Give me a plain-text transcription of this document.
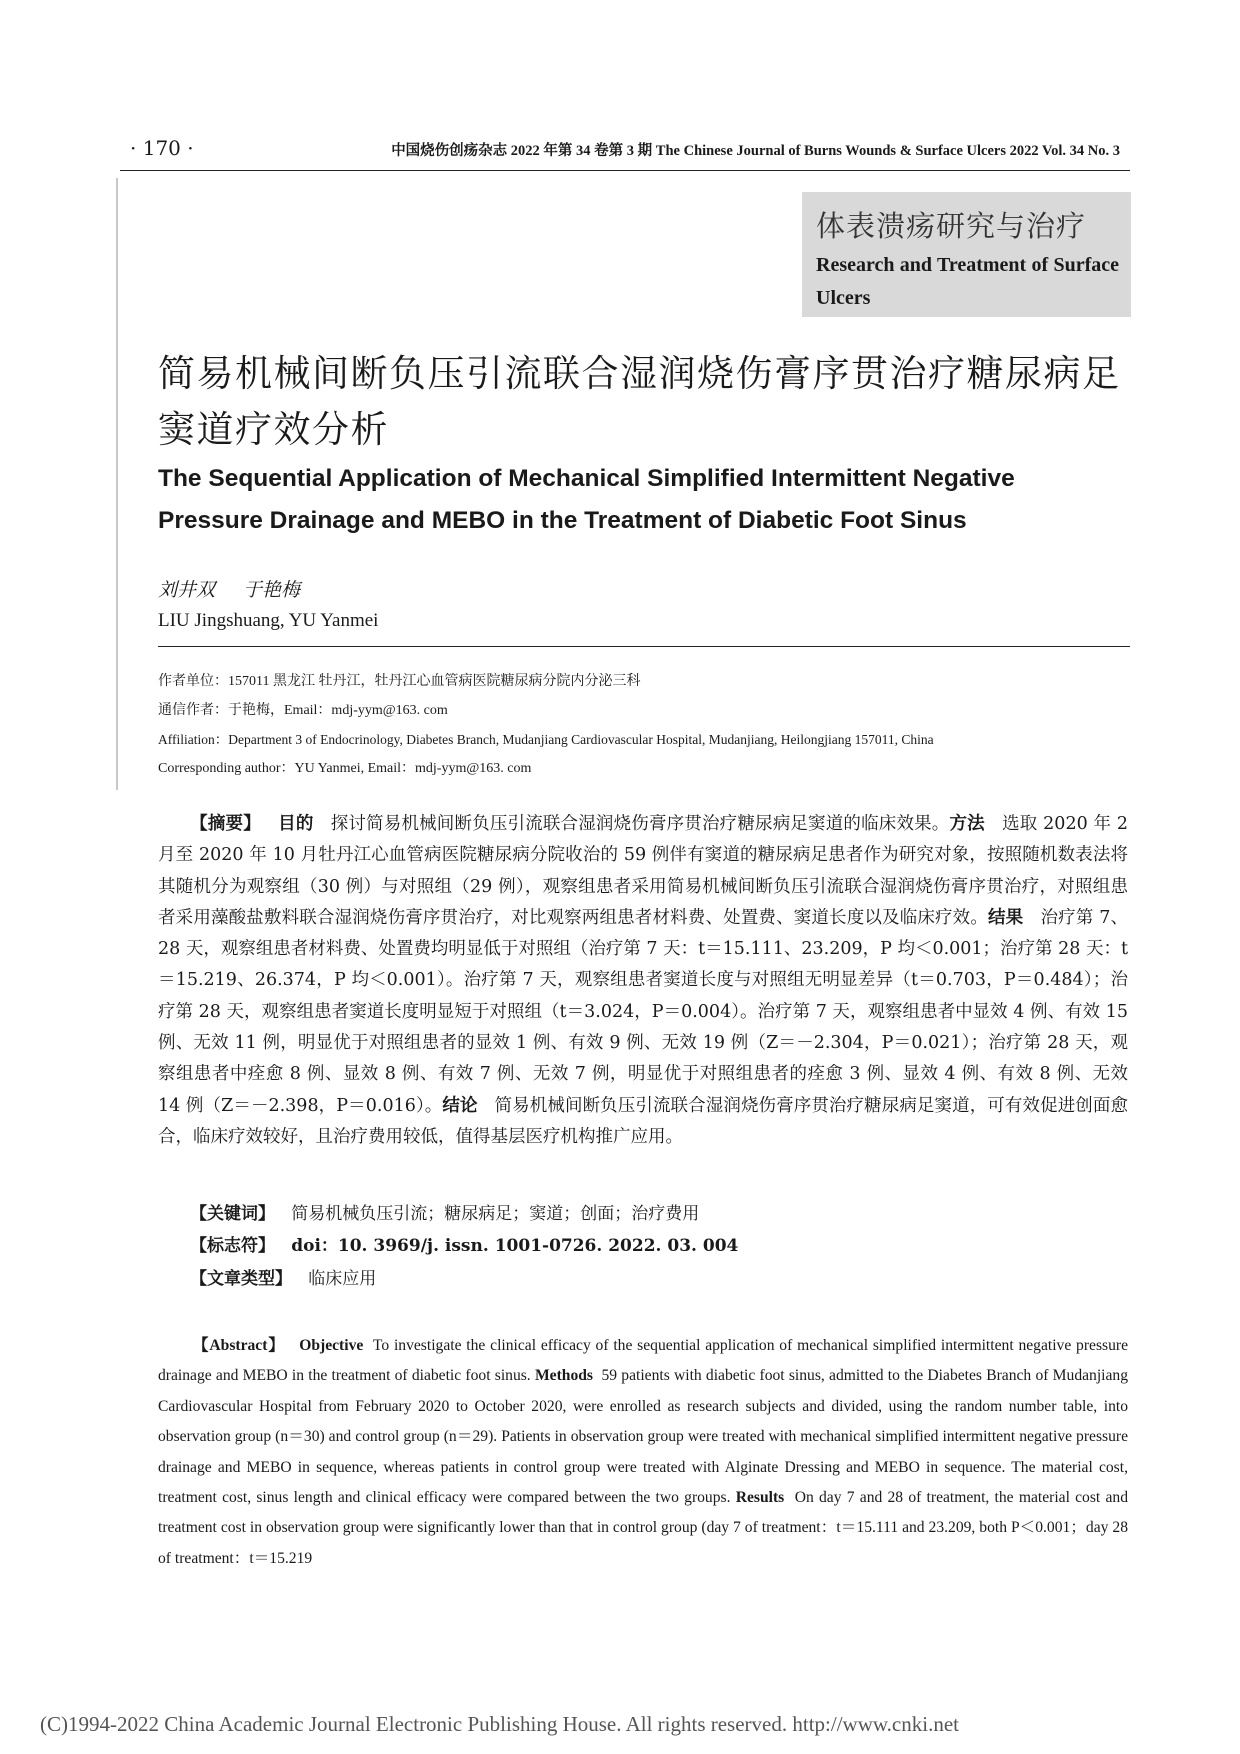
· 170 ·	中国烧伤创疡杂志 2022 年第 34 卷第 3 期 The Chinese Journal of Burns Wounds & Surface Ulcers 2022 Vol. 34 No. 3
体表溃疡研究与治疗
Research and Treatment of Surface Ulcers
简易机械间断负压引流联合湿润烧伤膏序贯治疗糖尿病足窦道疗效分析
The Sequential Application of Mechanical Simplified Intermittent Negative
Pressure Drainage and MEBO in the Treatment of Diabetic Foot Sinus
刘井双 于艳梅
LIU Jingshuang, YU Yanmei
作者单位：157011 黑龙江 牡丹江，牡丹江心血管病医院糖尿病分院内分泌三科
通信作者：于艳梅，Email：mdj-yym@163. com
Affiliation：Department 3 of Endocrinology, Diabetes Branch, Mudanjiang Cardiovascular Hospital, Mudanjiang, Heilongjiang 157011, China
Corresponding author：YU Yanmei, Email：mdj-yym@163. com

【摘要】 目的 探讨简易机械间断负压引流联合湿润烧伤膏序贯治疗糖尿病足窦道的临床效果。方法 选取 2020 年 2 月至 2020 年 10 月牡丹江心血管病医院糖尿病分院收治的 59 例伴有窦道的糖尿病足患者作为研究对象，按照随机数表法将其随机分为观察组（30 例）与对照组（29 例），观察组患者采用简易机械间断负压引流联合湿润烧伤膏序贯治疗，对照组患者采用藻酸盐敷料联合湿润烧伤膏序贯治疗，对比观察两组患者材料费、处置费、窦道长度以及临床疗效。结果 治疗第 7、28 天，观察组患者材料费、处置费均明显低于对照组（治疗第 7 天：t＝15.111、23.209，P 均＜0.001；治疗第 28 天：t＝15.219、26.374，P 均＜0.001）。治疗第 7 天，观察组患者窦道长度与对照组无明显差异（t＝0.703，P＝0.484）；治疗第 28 天，观察组患者窦道长度明显短于对照组（t＝3.024，P＝0.004）。治疗第 7 天，观察组患者中显效 4 例、有效 15 例、无效 11 例，明显优于对照组患者的显效 1 例、有效 9 例、无效 19 例（Z＝－2.304，P＝0.021）；治疗第 28 天，观察组患者中痊愈 8 例、显效 8 例、有效 7 例、无效 7 例，明显优于对照组患者的痊愈 3 例、显效 4 例、有效 8 例、无效 14 例（Z＝－2.398，P＝0.016）。结论 简易机械间断负压引流联合湿润烧伤膏序贯治疗糖尿病足窦道，可有效促进创面愈合，临床疗效较好，且治疗费用较低，值得基层医疗机构推广应用。

【关键词】 简易机械负压引流；糖尿病足；窦道；创面；治疗费用
【标志符】 doi：10. 3969/j. issn. 1001-0726. 2022. 03. 004
【文章类型】 临床应用

【Abstract】 Objective To investigate the clinical efficacy of the sequential application of mechanical simplified intermittent negative pressure drainage and MEBO in the treatment of diabetic foot sinus. Methods 59 patients with diabetic foot sinus, admitted to the Diabetes Branch of Mudanjiang Cardiovascular Hospital from February 2020 to October 2020, were enrolled as research subjects and divided, using the random number table, into observation group (n＝30) and control group (n＝29). Patients in observation group were treated with mechanical simplified intermittent negative pressure drainage and MEBO in sequence, whereas patients in control group were treated with Alginate Dressing and MEBO in sequence. The material cost, treatment cost, sinus length and clinical efficacy were compared between the two groups. Results On day 7 and 28 of treatment, the material cost and treatment cost in observation group were significantly lower than that in control group (day 7 of treatment：t＝15.111 and 23.209, both P＜0.001；day 28 of treatment：t＝15.219

(C)1994-2022 China Academic Journal Electronic Publishing House. All rights reserved. http://www.cnki.net
